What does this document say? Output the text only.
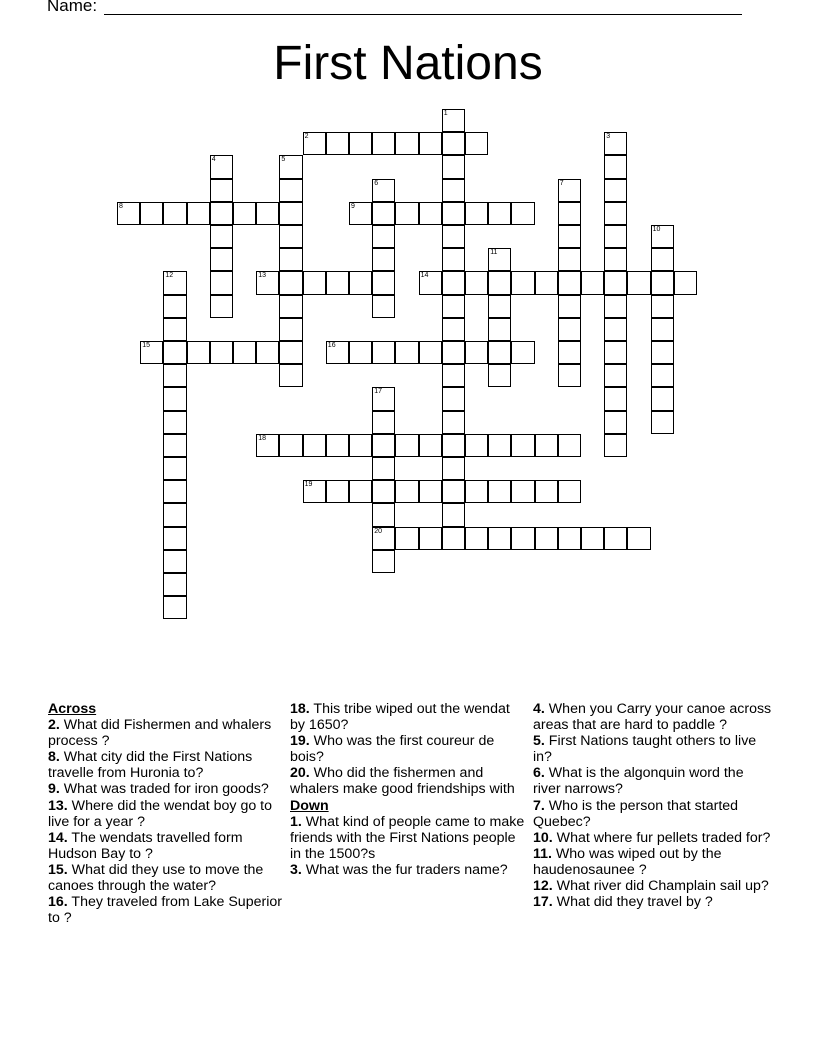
Name:
First Nations
1
2	3
4	5
6	7
8	9
10
11
12	13	14
15	16
17
20
18
19
Across
2. What did Fishermen and whalers process ?
8. What city did the First Nations travelle from Huronia to?
9. What was traded for iron goods?
13. Where did the wendat boy go to live for a year ?
14. The wendats travelled form Hudson Bay to ?
15. What did they use to move the canoes through the water?
16. They traveled from Lake Superior to ?
18. This tribe wiped out the wendat by 1650?
19. Who was the first coureur de bois?
20. Who did the fishermen and whalers make good friendships with
Down
1. What kind of people came to make friends with the First Nations people in the 1500?s
3. What was the fur traders name?
4. When you Carry your canoe across areas that are hard to paddle ?
5. First Nations taught others to live in?
6. What is the algonquin word the river narrows?
7. Who is the person that started Quebec?
10. What where fur pellets traded for?
11. Who was wiped out by the haudenosaunee ?
12. What river did Champlain sail up?
17. What did they travel by ?
